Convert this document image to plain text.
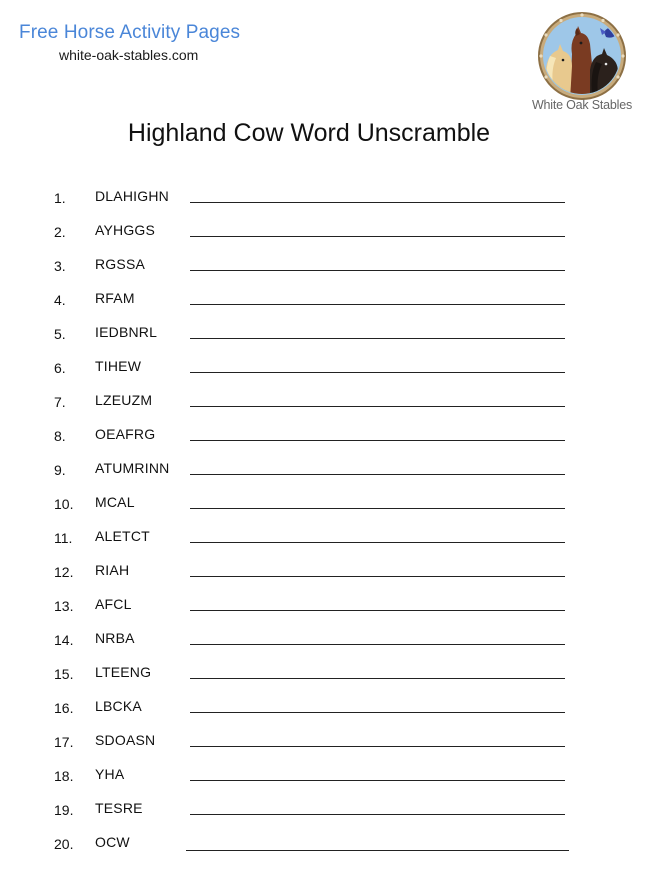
Free Horse Activity Pages
white-oak-stables.com
White Oak Stables
Highland Cow Word Unscramble
1. DLAHIGHN
2. AYHGGS
3. RGSSA
4. RFAM
5. IEDBNRL
6. TIHEW
7. LZEUZM
8. OEAFRG
9. ATUMRINN
10. MCAL
11. ALETCT
12. RIAH
13. AFCL
14. NRBA
15. LTEENG
16. LBCKA
17. SDOASN
18. YHA
19. TESRE
20. OCW
